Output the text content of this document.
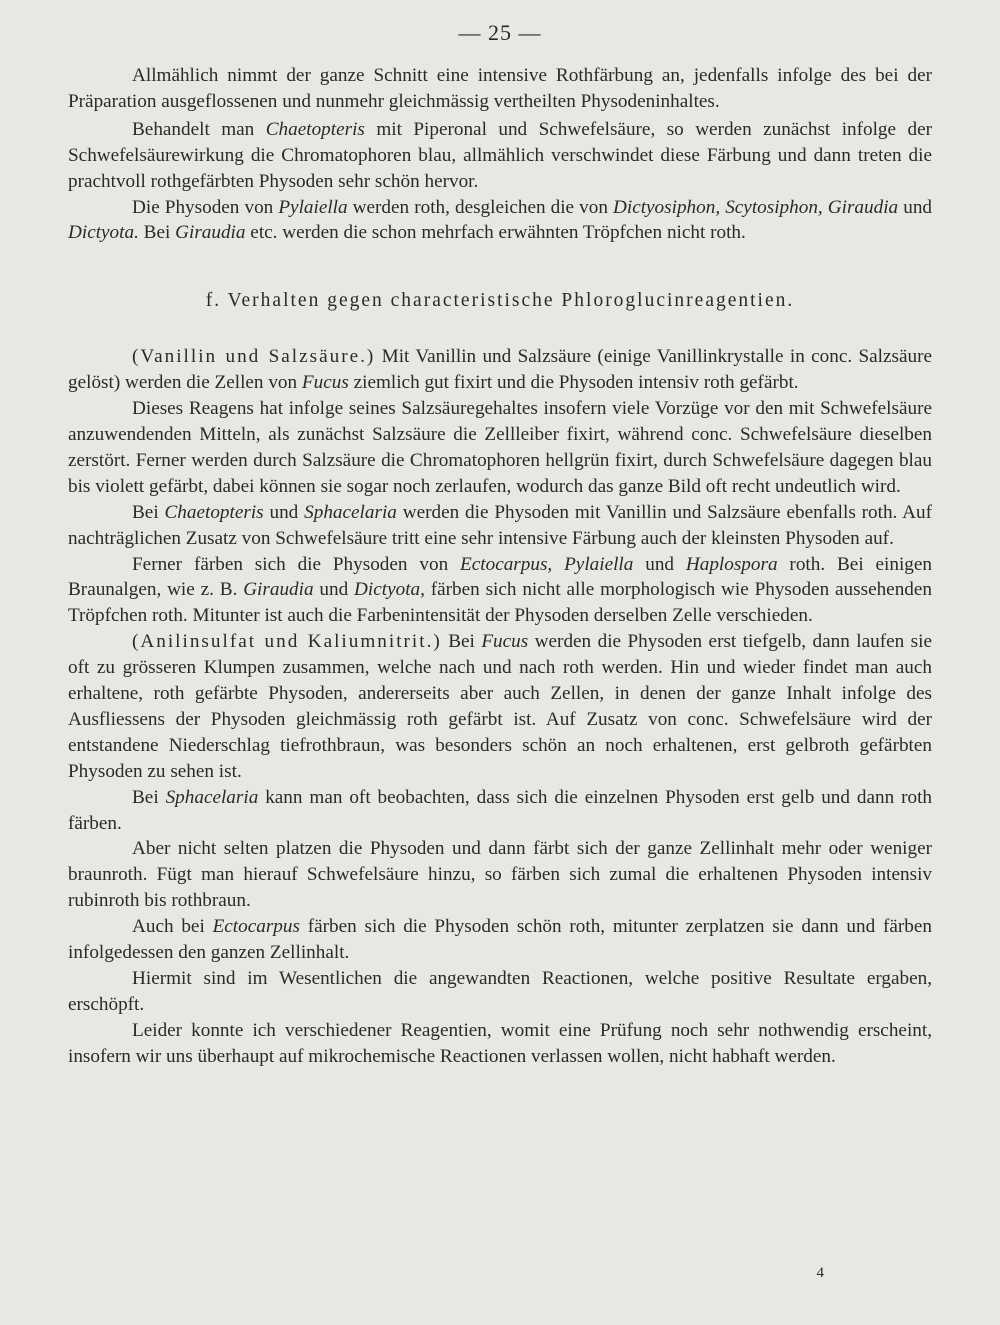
— 25 —

Allmählich nimmt der ganze Schnitt eine intensive Rothfärbung an, jedenfalls infolge des bei der Präparation ausgeflossenen und nunmehr gleichmässig vertheilten Physodeninhaltes.

Behandelt man Chaetopteris mit Piperonal und Schwefelsäure, so werden zunächst infolge der Schwefelsäurewirkung die Chromatophoren blau, allmählich verschwindet diese Färbung und dann treten die prachtvoll rothgefärbten Physoden sehr schön hervor.

Die Physoden von Pylaiella werden roth, desgleichen die von Dictyosiphon, Scytosiphon, Giraudia und Dictyota. Bei Giraudia etc. werden die schon mehrfach erwähnten Tröpfchen nicht roth.

f. Verhalten gegen characteristische Phloroglucinreagentien.

(Vanillin und Salzsäure.) Mit Vanillin und Salzsäure (einige Vanillinkrystalle in conc. Salzsäure gelöst) werden die Zellen von Fucus ziemlich gut fixirt und die Physoden intensiv roth gefärbt.

Dieses Reagens hat infolge seines Salzsäuregehaltes insofern viele Vorzüge vor den mit Schwefelsäure anzuwendenden Mitteln, als zunächst Salzsäure die Zellleiber fixirt, während conc. Schwefelsäure dieselben zerstört. Ferner werden durch Salzsäure die Chromatophoren hellgrün fixirt, durch Schwefelsäure dagegen blau bis violett gefärbt, dabei können sie sogar noch zerlaufen, wodurch das ganze Bild oft recht undeutlich wird.

Bei Chaetopteris und Sphacelaria werden die Physoden mit Vanillin und Salzsäure ebenfalls roth. Auf nachträglichen Zusatz von Schwefelsäure tritt eine sehr intensive Färbung auch der kleinsten Physoden auf.

Ferner färben sich die Physoden von Ectocarpus, Pylaiella und Haplospora roth. Bei einigen Braunalgen, wie z. B. Giraudia und Dictyota, färben sich nicht alle morphologisch wie Physoden aussehenden Tröpfchen roth. Mitunter ist auch die Farbenintensität der Physoden derselben Zelle verschieden.

(Anilinsulfat und Kaliumnitrit.) Bei Fucus werden die Physoden erst tiefgelb, dann laufen sie oft zu grösseren Klumpen zusammen, welche nach und nach roth werden. Hin und wieder findet man auch erhaltene, roth gefärbte Physoden, andererseits aber auch Zellen, in denen der ganze Inhalt infolge des Ausfliessens der Physoden gleichmässig roth gefärbt ist. Auf Zusatz von conc. Schwefelsäure wird der entstandene Niederschlag tiefrothbraun, was besonders schön an noch erhaltenen, erst gelbroth gefärbten Physoden zu sehen ist.

Bei Sphacelaria kann man oft beobachten, dass sich die einzelnen Physoden erst gelb und dann roth färben.

Aber nicht selten platzen die Physoden und dann färbt sich der ganze Zellinhalt mehr oder weniger braunroth. Fügt man hierauf Schwefelsäure hinzu, so färben sich zumal die erhaltenen Physoden intensiv rubinroth bis rothbraun.

Auch bei Ectocarpus färben sich die Physoden schön roth, mitunter zerplatzen sie dann und färben infolgedessen den ganzen Zellinhalt.

Hiermit sind im Wesentlichen die angewandten Reactionen, welche positive Resultate ergaben, erschöpft.

Leider konnte ich verschiedener Reagentien, womit eine Prüfung noch sehr nothwendig erscheint, insofern wir uns überhaupt auf mikrochemische Reactionen verlassen wollen, nicht habhaft werden.

4
